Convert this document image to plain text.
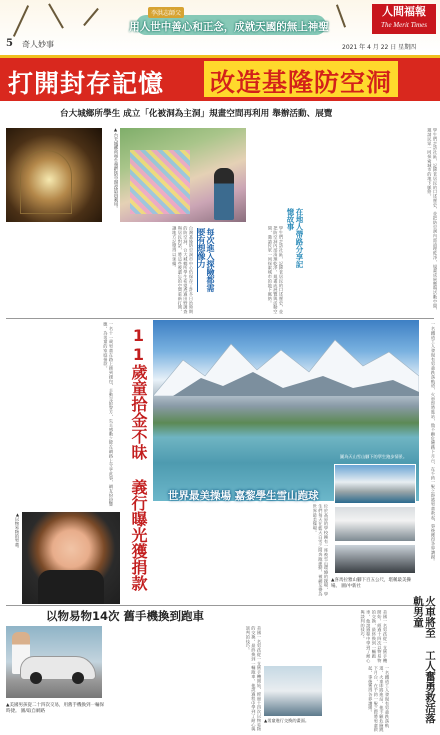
5 奇人妙事
李洪志師父
用人世中善心和正念，成就天國的無上神聖
人間福報
The Merit Times
2021 年 4 月 22 日 星期四
打開封存記憶 改造基隆防空洞
台大城鄉所學生 成立「化被洞為主洞」規畫空間再利用 舉辦活動、展覽
▲台大城鄉所學生想把防空洞改造再利用。	學生們走訪社區，記錄老居民的口述歷史，並把防空洞內部清理乾淨，規畫成展覽與活動空間，邀請民眾一同探索城市的地下脈絡。
在地人帶路分享記憶故事
台灣基隆防空洞市中心仍保存了許多日治時期的防空洞，台大城鄉所學生希望透過田野調查與居民對話，將這些被遺忘的空間重新打開，讓地方記憶得以延續。	每次進入探險都需要有想像力	學生們走訪社區，記錄老居民的口述歷史，並把防空洞內部清理乾淨，規畫成展覽與活動空間，邀請民眾一同探索城市的地下脈絡。
一名十一歲男童在路上撿到錢包，主動交給警方，失主感動之餘在網路上分享此事，網友紛紛響應，為男童的家庭捐款。	11歲童拾金不昧 義行曝光獲捐款
▲以物易物的男童。
圖為天山雪山腳下的學生跑步情景。
世界最美操場 嘉黎學生雪山跑球
▲喜馬拉雅山腳下百五公尺，堪稱最美操場。 圖/中新社
位於高原的學校擁有一座被雪山環繞的操場，學生們每天在藍天白雪之間奔跑運動，被網友譽為世界最美操場。	一名鐵道工人發現有男童跌落軌道，火車即將進站，他不顧危險跳下月台，在千鈞一髮之際將男童救起，事後獲得各界讚揚。
以物易物14次 舊手機換到跑車
▲美國男孩從二十四次交易，用舊手機換到一輛保時捷。 圖/取自網路	美國一名男孩從一支舊手機開始，經過十四次以物易物的交換，最終換到一輛跑車，他說過程中學到了耐心與談判的技巧。	美國一名男孩從一支舊手機開始，經過十四次以物易物的交換，最終換到一輛跑車，他說過程中學到了耐心與談判的技巧。
▲男童進行交換的畫面。	一名鐵道工人發現有男童跌落軌道，火車即將進站，他不顧危險跳下月台，在千鈞一髮之際將男童救起，事後獲得各界讚揚。	火車將至 工人奮勇救活落軌男童
